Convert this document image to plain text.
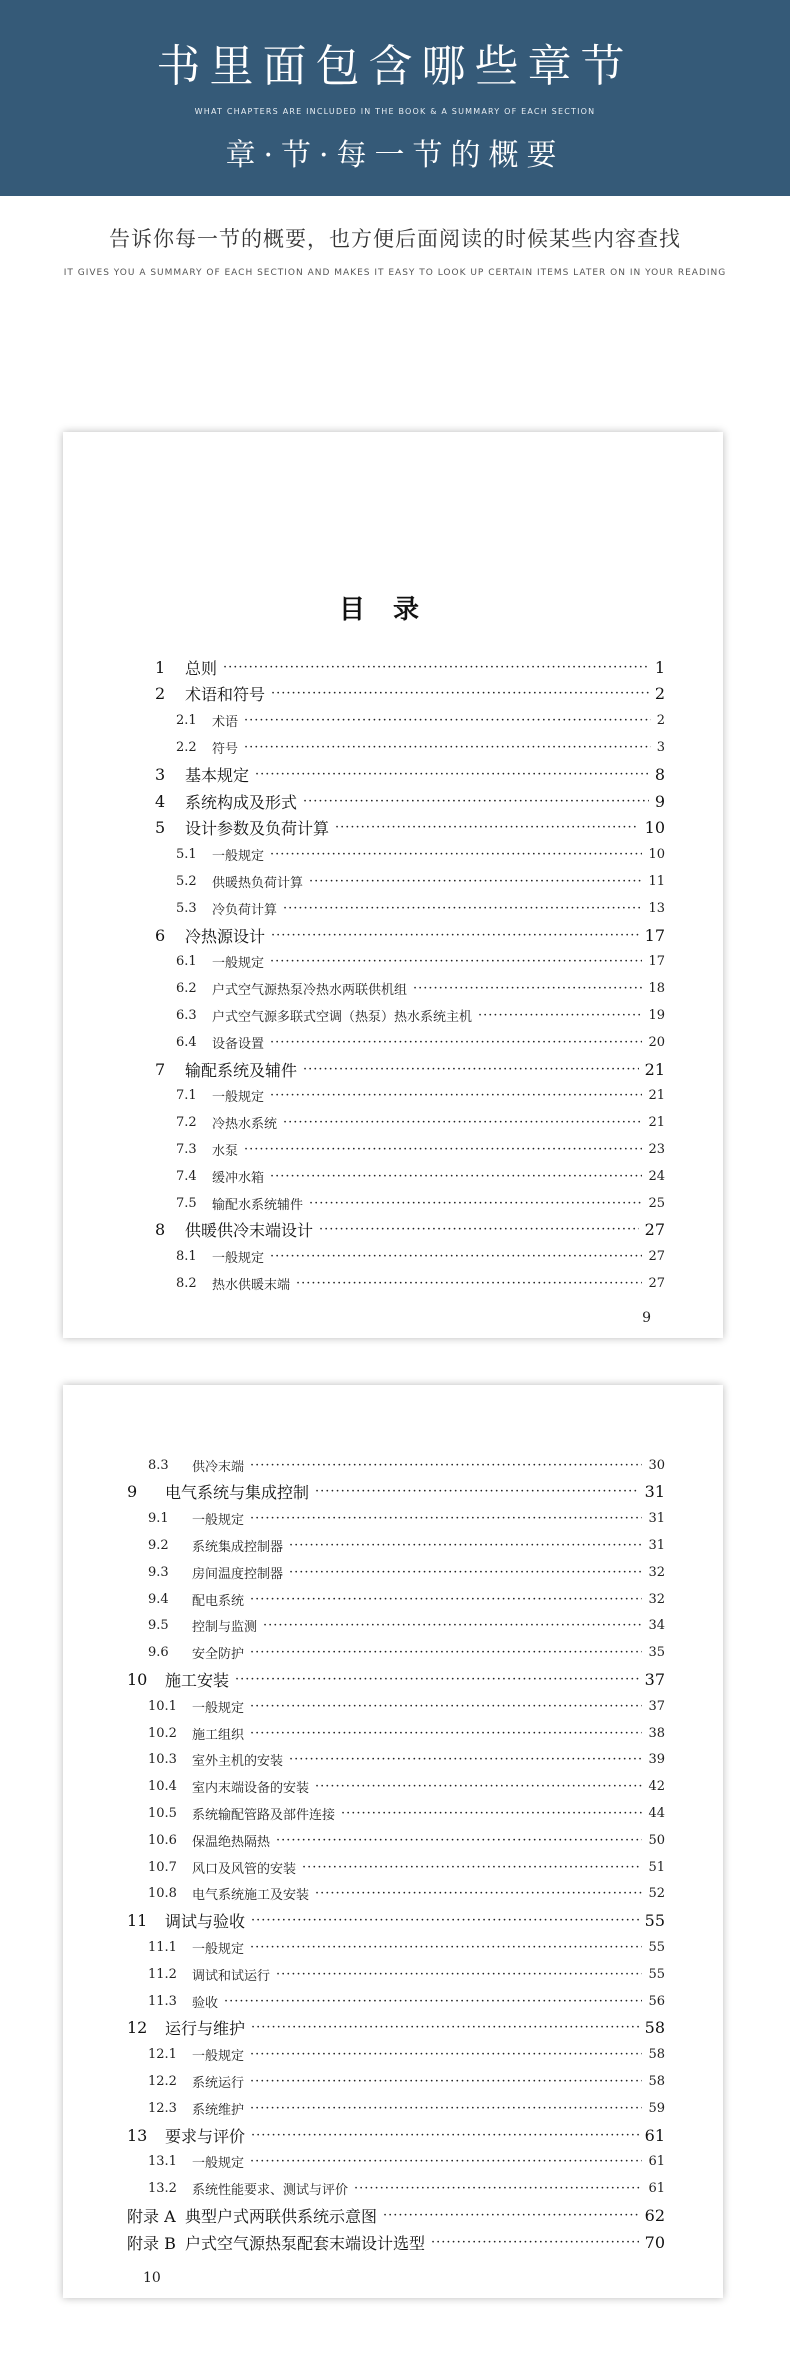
书里面包含哪些章节
WHAT CHAPTERS ARE INCLUDED IN THE BOOK & A SUMMARY OF EACH SECTION
章·节·每一节的概要
告诉你每一节的概要，也方便后面阅读的时候某些内容查找
IT GIVES YOU A SUMMARY OF EACH SECTION AND MAKES IT EASY TO LOOK UP CERTAIN ITEMS LATER ON IN YOUR READING
目录
1	总则 ·····	1
2	术语和符号 ·····	2
2.1	术语 ·····	2
2.2	符号 ·····	3
3	基本规定 ·····	8
4	系统构成及形式 ·····	9
5	设计参数及负荷计算 ·····	10
5.1	一般规定 ·····	10
5.2	供暖热负荷计算 ·····	11
5.3	冷负荷计算 ·····	13
6	冷热源设计 ·····	17
6.1	一般规定 ·····	17
6.2	户式空气源热泵冷热水两联供机组 ·····	18
6.3	户式空气源多联式空调（热泵）热水系统主机 ·····	19
6.4	设备设置 ·····	20
7	输配系统及辅件 ·····	21
7.1	一般规定 ·····	21
7.2	冷热水系统 ·····	21
7.3	水泵 ·····	23
7.4	缓冲水箱 ·····	24
7.5	输配水系统辅件 ·····	25
8	供暖供冷末端设计 ·····	27
8.1	一般规定 ·····	27
8.2	热水供暖末端 ·····	27
9
8.3	供冷末端 ·····	30
9	电气系统与集成控制 ·····	31
9.1	一般规定 ·····	31
9.2	系统集成控制器 ·····	31
9.3	房间温度控制器 ·····	32
9.4	配电系统 ·····	32
9.5	控制与监测 ·····	34
9.6	安全防护 ·····	35
10	施工安装 ·····	37
10.1	一般规定 ·····	37
10.2	施工组织 ·····	38
10.3	室外主机的安装 ·····	39
10.4	室内末端设备的安装 ·····	42
10.5	系统输配管路及部件连接 ·····	44
10.6	保温绝热隔热 ·····	50
10.7	风口及风管的安装 ·····	51
10.8	电气系统施工及安装 ·····	52
11	调试与验收 ·····	55
11.1	一般规定 ·····	55
11.2	调试和试运行 ·····	55
11.3	验收 ·····	56
12	运行与维护 ·····	58
12.1	一般规定 ·····	58
12.2	系统运行 ·····	58
12.3	系统维护 ·····	59
13	要求与评价 ·····	61
13.1	一般规定 ·····	61
13.2	系统性能要求、测试与评价 ·····	61
附录 A 典型户式两联供系统示意图 ·····	62
附录 B 户式空气源热泵配套末端设计选型 ·····	70
10
